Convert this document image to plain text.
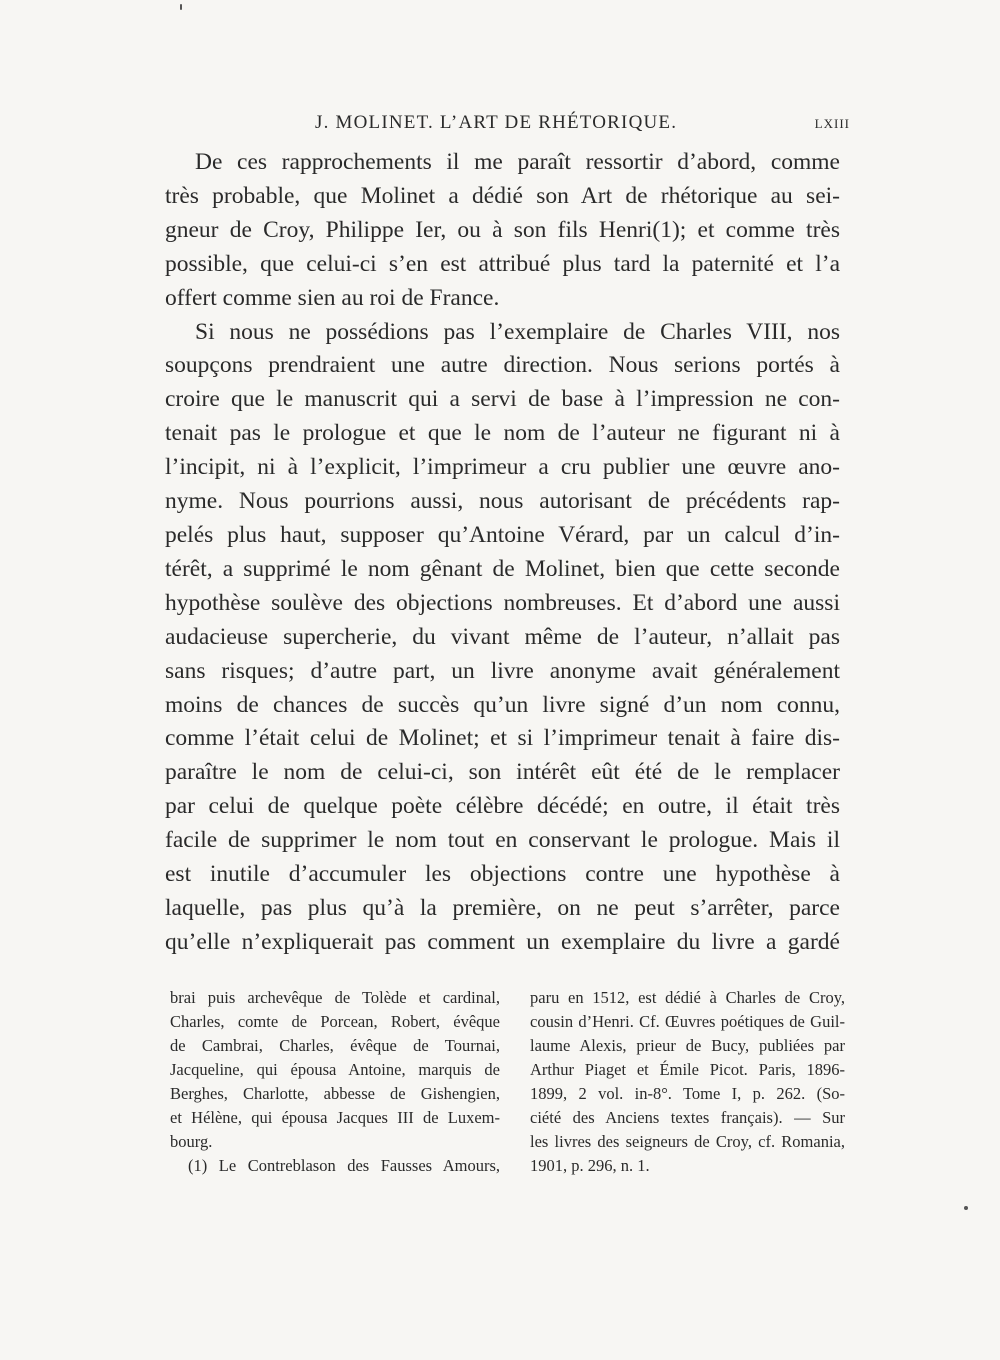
J. MOLINET. L’ART DE RHÉTORIQUE.	LXIII
De ces rapprochements il me paraît ressortir d’abord, comme
très probable, que Molinet a dédié son Art de rhétorique au sei-
gneur de Croy, Philippe Ier, ou à son fils Henri(1); et comme très
possible, que celui-ci s’en est attribué plus tard la paternité et l’a
offert comme sien au roi de France.
Si nous ne possédions pas l’exemplaire de Charles VIII, nos
soupçons prendraient une autre direction. Nous serions portés à
croire que le manuscrit qui a servi de base à l’impression ne con-
tenait pas le prologue et que le nom de l’auteur ne figurant ni à
l’incipit, ni à l’explicit, l’imprimeur a cru publier une œuvre ano-
nyme. Nous pourrions aussi, nous autorisant de précédents rap-
pelés plus haut, supposer qu’Antoine Vérard, par un calcul d’in-
térêt, a supprimé le nom gênant de Molinet, bien que cette seconde
hypothèse soulève des objections nombreuses. Et d’abord une aussi
audacieuse supercherie, du vivant même de l’auteur, n’allait pas
sans risques; d’autre part, un livre anonyme avait généralement
moins de chances de succès qu’un livre signé d’un nom connu,
comme l’était celui de Molinet; et si l’imprimeur tenait à faire dis-
paraître le nom de celui-ci, son intérêt eût été de le remplacer
par celui de quelque poète célèbre décédé; en outre, il était très
facile de supprimer le nom tout en conservant le prologue. Mais il
est inutile d’accumuler les objections contre une hypothèse à
laquelle, pas plus qu’à la première, on ne peut s’arrêter, parce
qu’elle n’expliquerait pas comment un exemplaire du livre a gardé
brai puis archevêque de Tolède et cardinal,
Charles, comte de Porcean, Robert, évêque
de Cambrai, Charles, évêque de Tournai,
Jacqueline, qui épousa Antoine, marquis de
Berghes, Charlotte, abbesse de Gishengien,
et Hélène, qui épousa Jacques III de Luxem-
bourg.
(1) Le Contreblason des Fausses Amours,
paru en 1512, est dédié à Charles de Croy,
cousin d’Henri. Cf. Œuvres poétiques de Guil-
laume Alexis, prieur de Bucy, publiées par
Arthur Piaget et Émile Picot. Paris, 1896-
1899, 2 vol. in-8°. Tome I, p. 262. (So-
ciété des Anciens textes français). — Sur
les livres des seigneurs de Croy, cf. Romania,
1901, p. 296, n. 1.
